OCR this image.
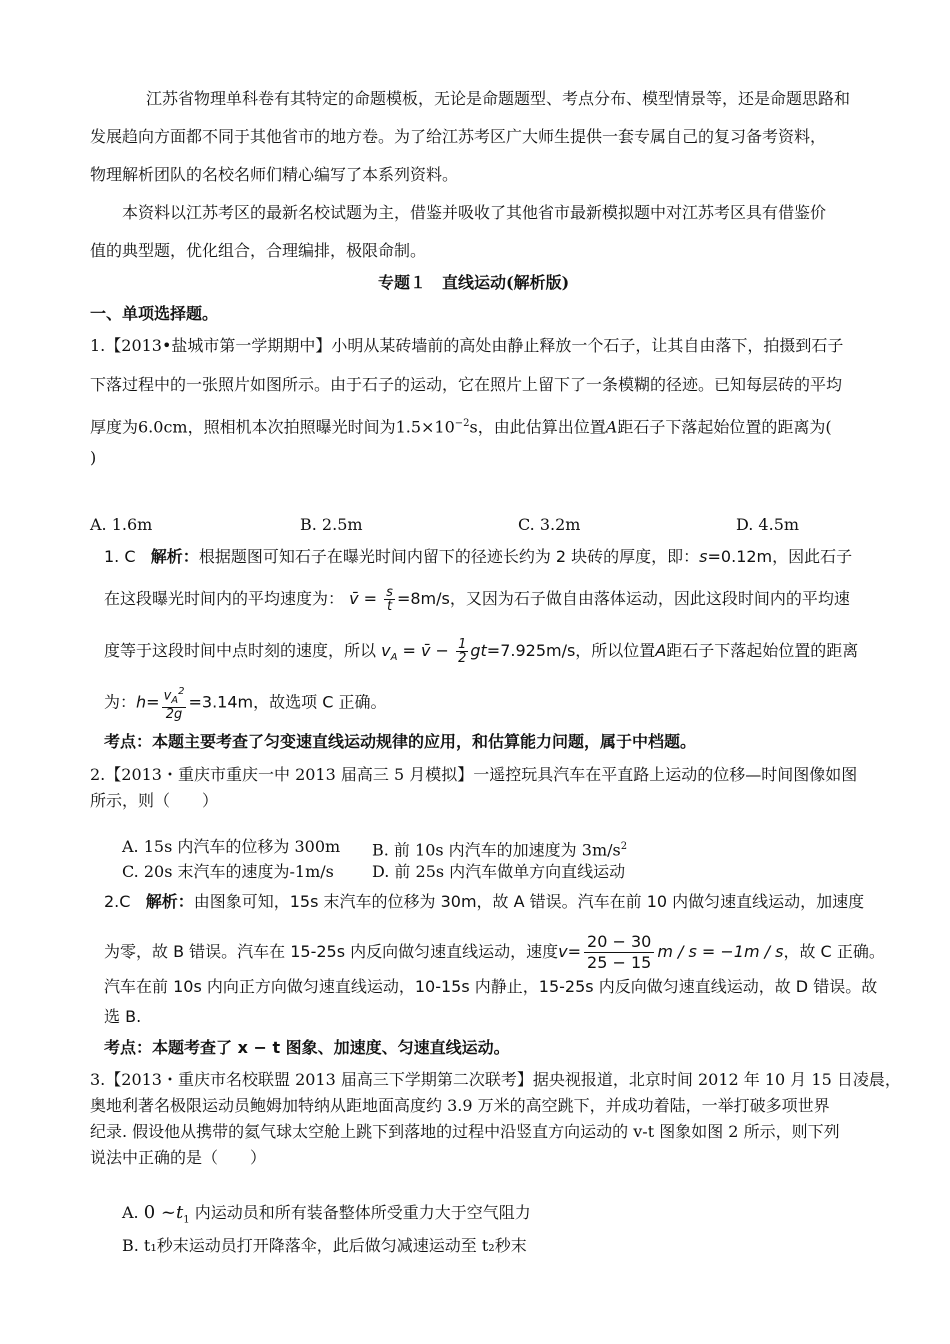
江苏省物理单科卷有其特定的命题模板，无论是命题题型、考点分布、模型情景等，还是命题思路和
发展趋向方面都不同于其他省市的地方卷。为了给江苏考区广大师生提供一套专属自己的复习备考资料，
物理解析团队的名校名师们精心编写了本系列资料。
本资料以江苏考区的最新名校试题为主，借鉴并吸收了其他省市最新模拟题中对江苏考区具有借鉴价
值的典型题，优化组合，合理编排，极限命制。
专题１　直线运动(解析版)
一、单项选择题。
1.【2013•盐城市第一学期期中】小明从某砖墙前的高处由静止释放一个石子，让其自由落下，拍摄到石子
下落过程中的一张照片如图所示。由于石子的运动，它在照片上留下了一条模糊的径迹。已知每层砖的平均
厚度为6.0cm，照相机本次拍照曝光时间为$1.5\times 10^{-2}s$，由此估算出位置A距石子下落起始位置的距离为(
)
A. 1.6m	B. 2.5m	C. 3.2m	D. 4.5m
1. C 解析：根据题图可知石子在曝光时间内留下的径迹长约为 2 块砖的厚度，即：s=0.12m，因此石子
在这段曝光时间内的平均速度为： v̄ = $\frac{s}{t} =8m/s$，又因为石子做自由落体运动，因此这段时间内的平均速
度等于这段时间中点时刻的速度，所以 $v_A$ = v̄ − $\frac{1}{2} gt=7.925m/s$，所以位置A距石子下落起始位置的距离
为：$h= \frac{v_A^2}{2g} =3.14m$，故选项 C 正确。
考点：本题主要考查了匀变速直线运动规律的应用，和估算能力问题，属于中档题。
2.【2013・重庆市重庆一中 2013 届高三 5 月模拟】一遥控玩具汽车在平直路上运动的位移—时间图像如图
所示，则（　　）
A. 15s 内汽车的位移为 300m B. 前 10s 内汽车的加速度为 $3m/s^2$
C. 20s 末汽车的速度为-1m/s D. 前 25s 内汽车做单方向直线运动
2.C 解析：由图象可知，15s 末汽车的位移为 30m，故 A 错误。汽车在前 10 内做匀速直线运动，加速度
为零，故 B 错误。汽车在 15-25s 内反向做匀速直线运动，速度$v= \frac{20 - 30}{25 - 15}$ m / s = −1m / s，故 C 正确。
汽车在前 10s 内向正方向做匀速直线运动，10-15s 内静止，15-25s 内反向做匀速直线运动，故 D 错误。故
选 B.
考点：本题考查了 x − t 图象、加速度、匀速直线运动。
3.【2013・重庆市名校联盟 2013 届高三下学期第二次联考】据央视报道，北京时间 2012 年 10 月 15 日凌晨，
奥地利著名极限运动员鲍姆加特纳从距地面高度约 3.9 万米的高空跳下，并成功着陆，一举打破多项世界
纪录. 假设他从携带的氦气球太空舱上跳下到落地的过程中沿竖直方向运动的 v-t 图象如图 2 所示，则下列
说法中正确的是（　　）
A. 0 $\sim t_1$ 内运动员和所有装备整体所受重力大于空气阻力
B. t₁秒末运动员打开降落伞，此后做匀减速运动至 t₂秒末
